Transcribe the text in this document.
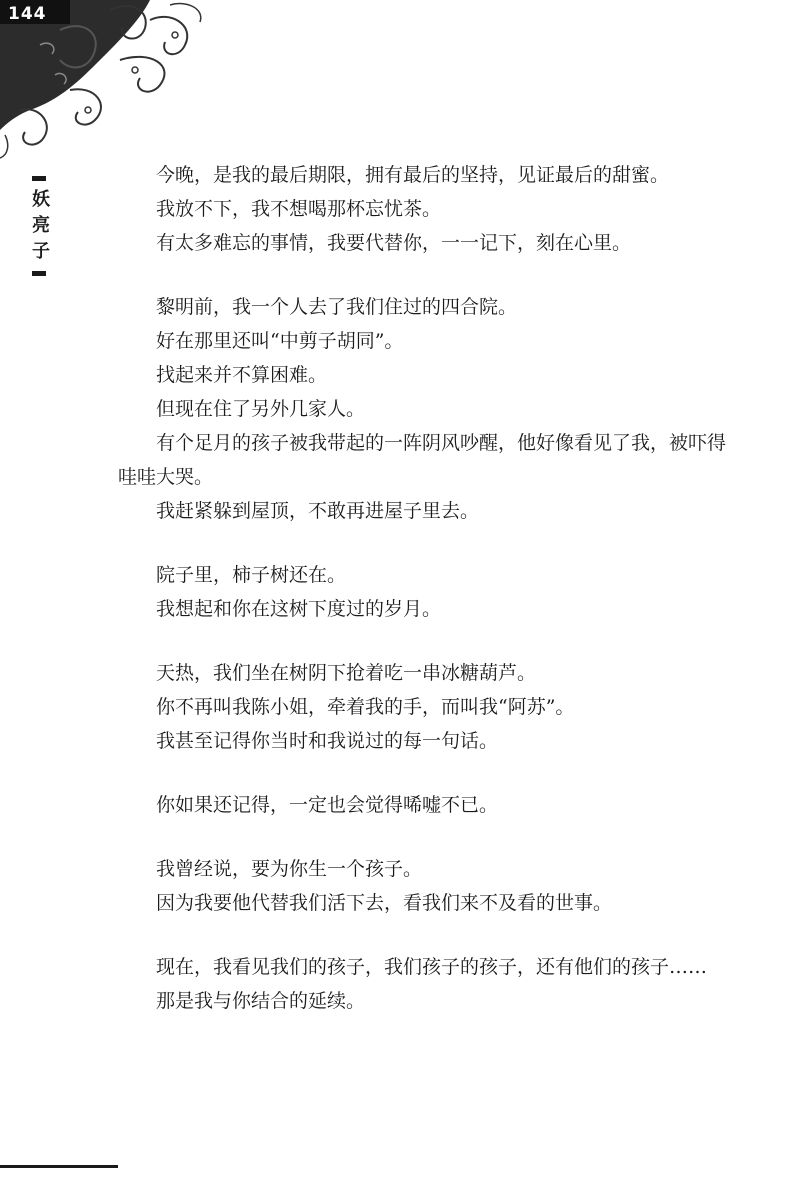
144
妖亮子

今晚，是我的最后期限，拥有最后的坚持，见证最后的甜蜜。

我放不下，我不想喝那杯忘忧茶。

有太多难忘的事情，我要代替你，一一记下，刻在心里。

黎明前，我一个人去了我们住过的四合院。

好在那里还叫“中剪子胡同”。

找起来并不算困难。

但现在住了另外几家人。

有个足月的孩子被我带起的一阵阴风吵醒，他好像看见了我，被吓得哇哇大哭。

我赶紧躲到屋顶，不敢再进屋子里去。

院子里，柿子树还在。

我想起和你在这树下度过的岁月。

天热，我们坐在树阴下抢着吃一串冰糖葫芦。

你不再叫我陈小姐，牵着我的手，而叫我“阿苏”。

我甚至记得你当时和我说过的每一句话。

你如果还记得，一定也会觉得唏嘘不已。

我曾经说，要为你生一个孩子。

因为我要他代替我们活下去，看我们来不及看的世事。

现在，我看见我们的孩子，我们孩子的孩子，还有他们的孩子……

那是我与你结合的延续。
